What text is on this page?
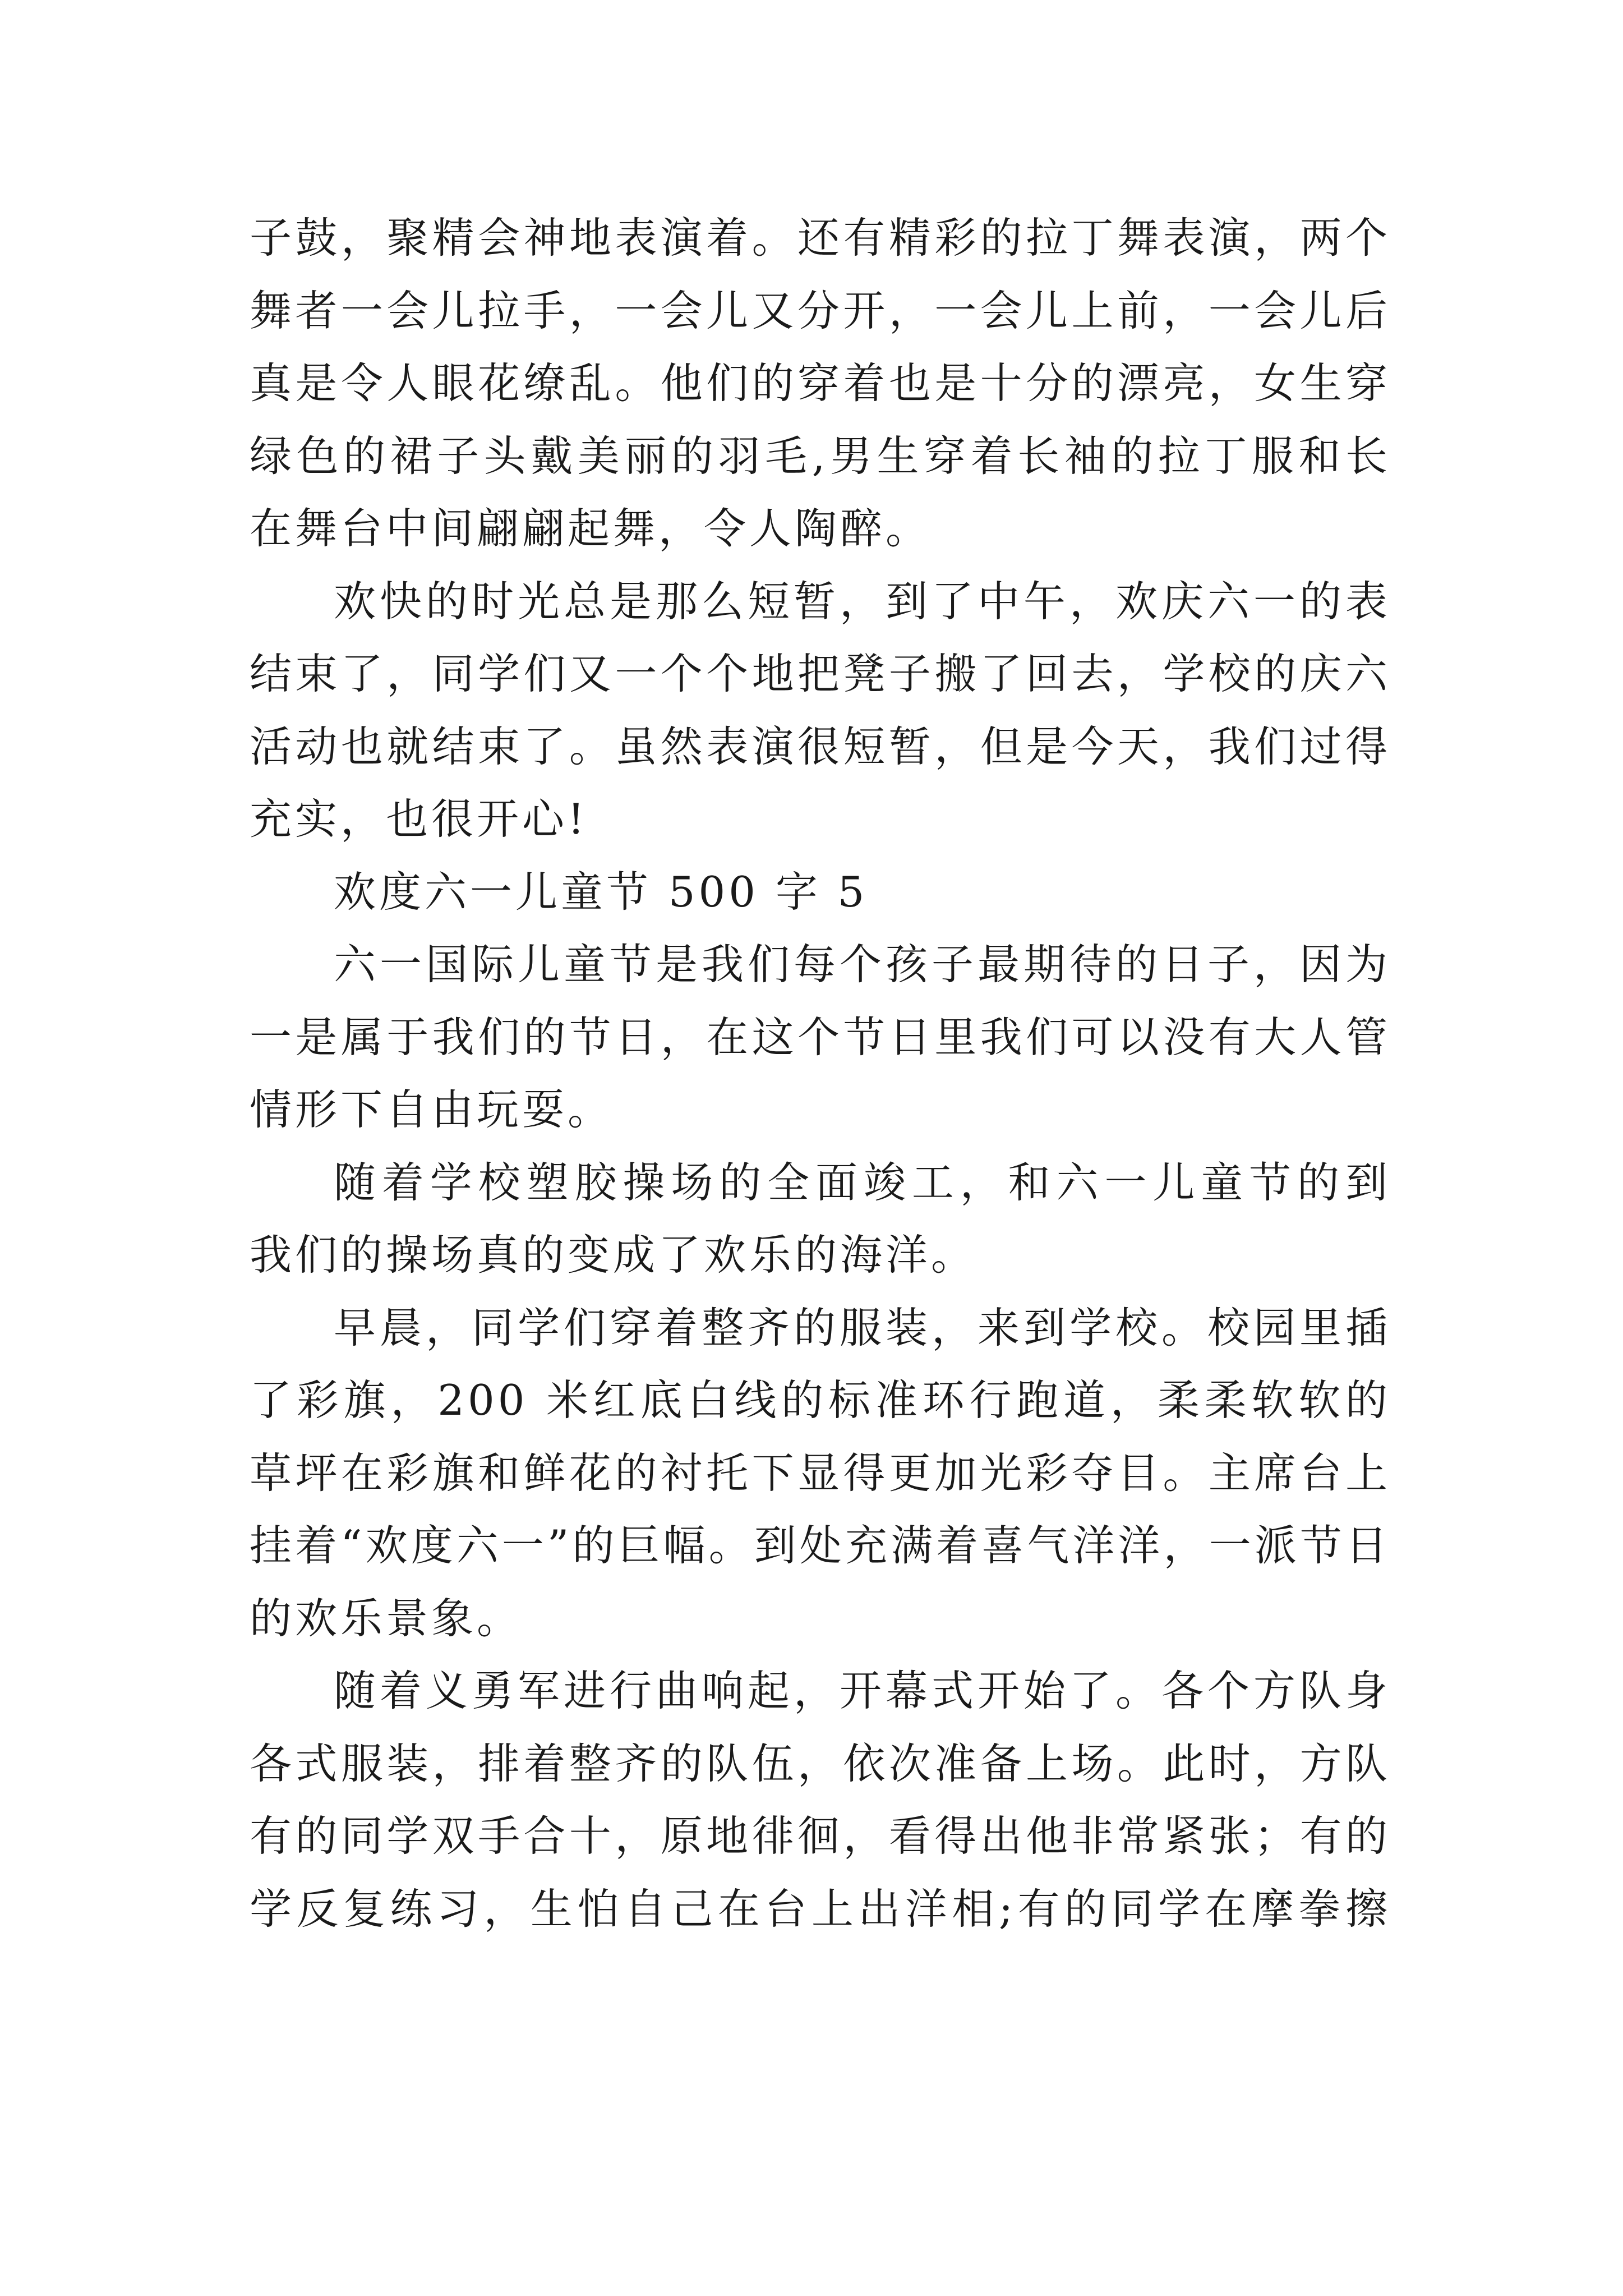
子鼓，聚精会神地表演着。还有精彩的拉丁舞表演，两个
舞者一会儿拉手，一会儿又分开，一会儿上前，一会儿后
真是令人眼花缭乱。他们的穿着也是十分的漂亮，女生穿
绿色的裙子头戴美丽的羽毛,男生穿着长袖的拉丁服和长
在舞台中间翩翩起舞，令人陶醉。
欢快的时光总是那么短暂，到了中午，欢庆六一的表
结束了，同学们又一个个地把凳子搬了回去，学校的庆六
活动也就结束了。虽然表演很短暂，但是今天，我们过得
充实，也很开心!
欢度六一儿童节 500 字 5
六一国际儿童节是我们每个孩子最期待的日子，因为
一是属于我们的节日，在这个节日里我们可以没有大人管
情形下自由玩耍。
随着学校塑胶操场的全面竣工，和六一儿童节的到
我们的操场真的变成了欢乐的海洋。
早晨，同学们穿着整齐的服装，来到学校。校园里插
了彩旗，200 米红底白线的标准环行跑道，柔柔软软的
草坪在彩旗和鲜花的衬托下显得更加光彩夺目。主席台上
挂着“欢度六一”的巨幅。到处充满着喜气洋洋，一派节日
的欢乐景象。
随着义勇军进行曲响起，开幕式开始了。各个方队身
各式服装，排着整齐的队伍，依次准备上场。此时，方队
有的同学双手合十，原地徘徊，看得出他非常紧张；有的
学反复练习，生怕自己在台上出洋相;有的同学在摩拳擦
